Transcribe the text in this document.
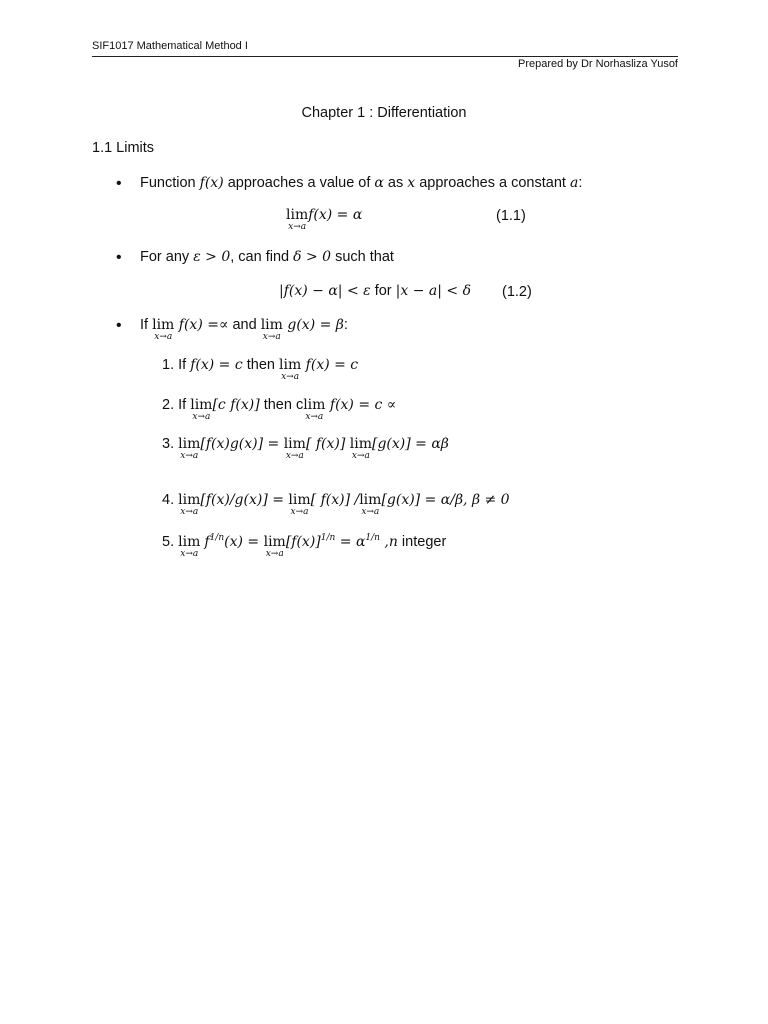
SIF1017 Mathematical Method I
Prepared by Dr Norhasliza Yusof
Chapter 1 : Differentiation
1.1 Limits
• Function f(x) approaches a value of α as x approaches a constant a:
lim
x→a
f(x) = α	(1.1)
• For any ε > 0, can find δ > 0 such that
|f(x) − α| < ε for |x − a| < δ (1.2)
• If lim
x→a
f(x) =∝ and lim
x→a
g(x) = β:
1. If f(x) = c then lim
x→a
f(x) = c
2. If lim
x→a
[c f(x)] then clim
x→a
f(x) = c ∝
3. lim
x→a
[f(x)g(x)] = lim
x→a
[ f(x)] lim
x→a
[g(x)] = αβ
4. lim
x→a
[f(x)/g(x)] = lim
x→a
[ f(x)] /lim
x→a
[g(x)] = α/β, β ≠ 0
5. lim
x→a
$f^{1/n}(x) = \lim$
x→a
$[f(x)]^{1/n} = \alpha^{1/n}$ ,n integer
